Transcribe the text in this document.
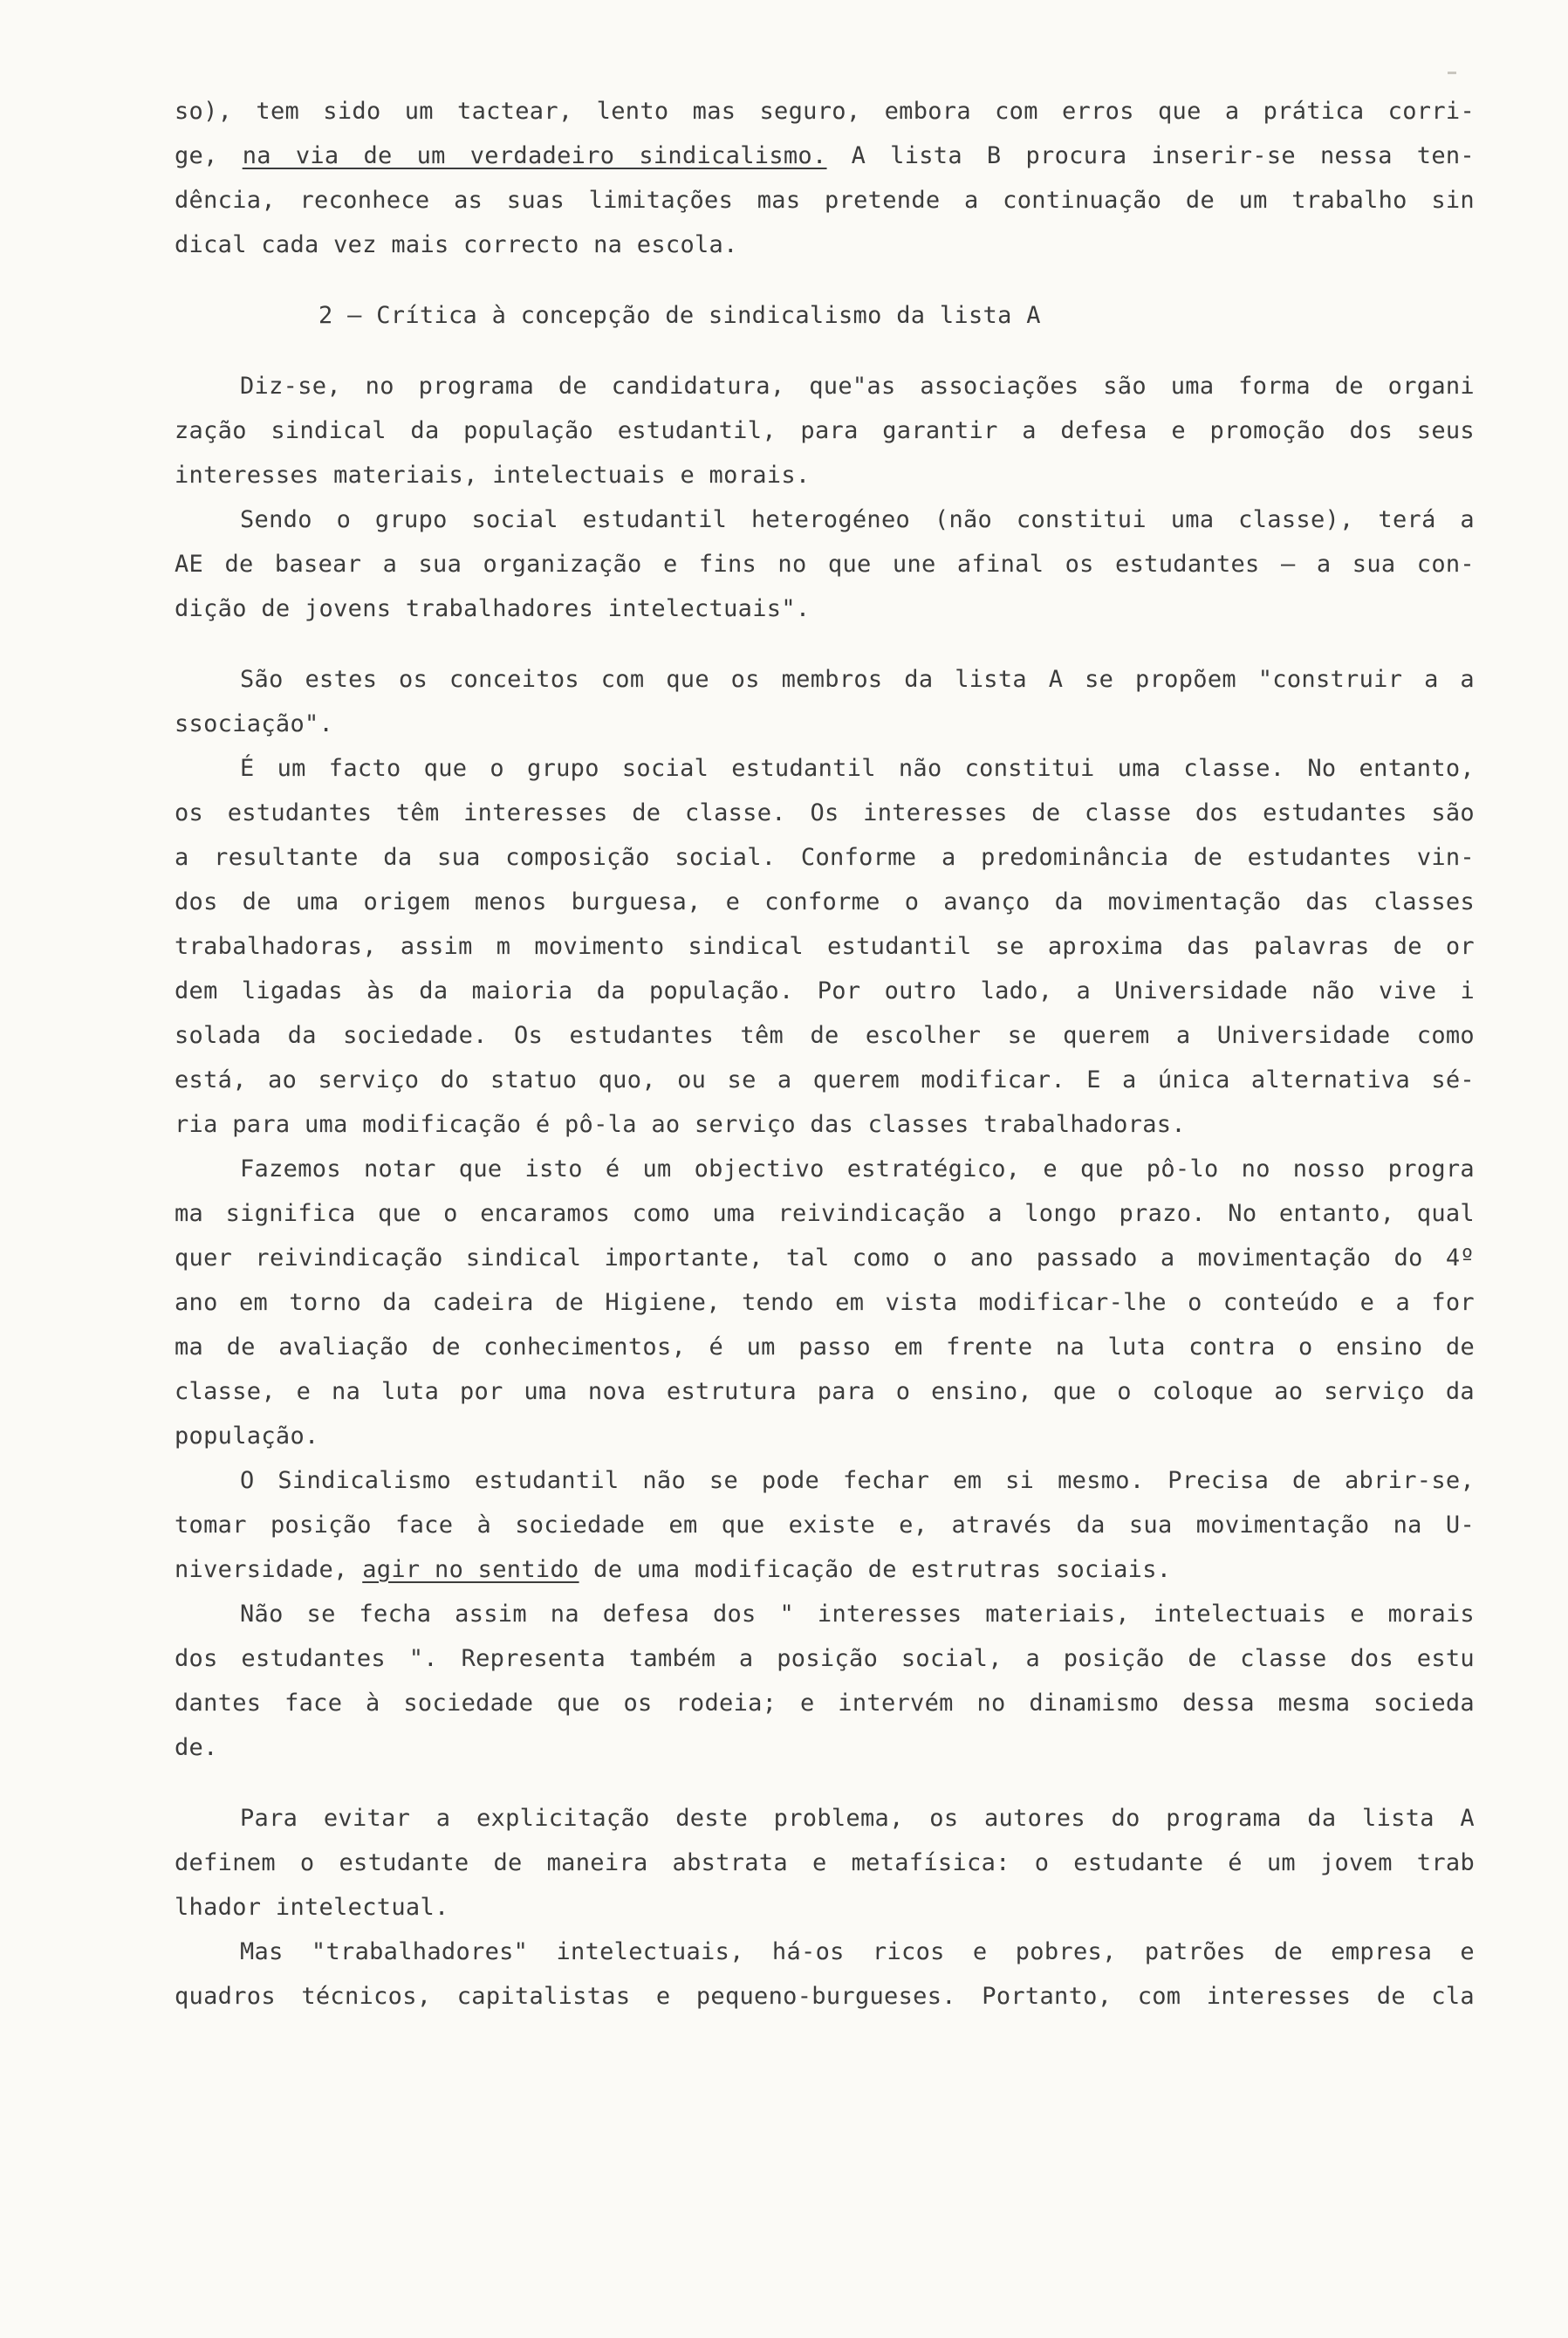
so), tem sido um tactear, lento mas seguro, embora com erros que a prática corri-
ge, na via de um verdadeiro sindicalismo. A lista B procura inserir-se nessa ten-
dência, reconhece as suas limitações mas pretende a continuação de um trabalho sin
dical cada vez mais correcto na escola.
2 — Crítica à concepção de sindicalismo da lista A
Diz-se, no programa de candidatura, que"as associações são uma forma de organi
zação sindical da população estudantil, para garantir a defesa e promoção dos seus
interesses materiais, intelectuais e morais.
Sendo o grupo social estudantil heterogéneo (não constitui uma classe), terá a
AE de basear a sua organização e fins no que une afinal os estudantes — a sua con-
dição de jovens trabalhadores intelectuais".
São estes os conceitos com que os membros da lista A se propõem "construir a a
ssociação".
É um facto que o grupo social estudantil não constitui uma classe. No entanto,
os estudantes têm interesses de classe. Os interesses de classe dos estudantes são
a resultante da sua composição social. Conforme a predominância de estudantes vin-
dos de uma origem menos burguesa, e conforme o avanço da movimentação das classes
trabalhadoras, assim m movimento sindical estudantil se aproxima das palavras de or
dem ligadas às da maioria da população. Por outro lado, a Universidade não vive i
solada da sociedade. Os estudantes têm de escolher se querem a Universidade como
está, ao serviço do statuo quo, ou se a querem modificar. E a única alternativa sé-
ria para uma modificação é pô-la ao serviço das classes trabalhadoras.
Fazemos notar que isto é um objectivo estratégico, e que pô-lo no nosso progra
ma significa que o encaramos como uma reivindicação a longo prazo. No entanto, qual
quer reivindicação sindical importante, tal como o ano passado a movimentação do 4º
ano em torno da cadeira de Higiene, tendo em vista modificar-lhe o conteúdo e a for
ma de avaliação de conhecimentos, é um passo em frente na luta contra o ensino de
classe, e na luta por uma nova estrutura para o ensino, que o coloque ao serviço da
população.
O Sindicalismo estudantil não se pode fechar em si mesmo. Precisa de abrir-se,
tomar posição face à sociedade em que existe e, através da sua movimentação na U-
niversidade, agir no sentido de uma modificação de estrutras sociais.
Não se fecha assim na defesa dos " interesses materiais, intelectuais e morais
dos estudantes ". Representa também a posição social, a posição de classe dos estu
dantes face à sociedade que os rodeia; e intervém no dinamismo dessa mesma socieda
de.
Para evitar a explicitação deste problema, os autores do programa da lista A
definem o estudante de maneira abstrata e metafísica: o estudante é um jovem trab
lhador intelectual.
Mas "trabalhadores" intelectuais, há-os ricos e pobres, patrões de empresa e
quadros técnicos, capitalistas e pequeno-burgueses. Portanto, com interesses de cla
